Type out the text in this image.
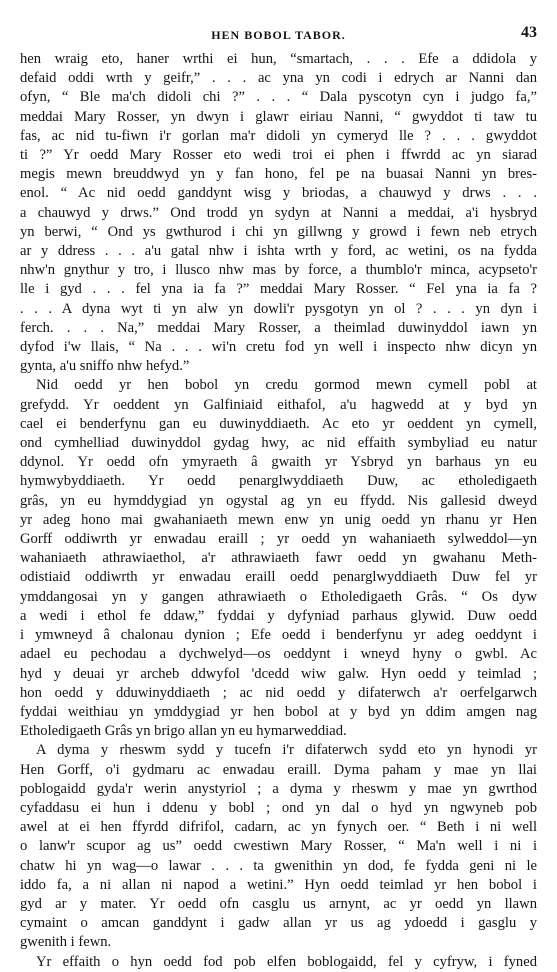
HEN BOBOL TABOR.	43

hen wraig eto, haner wrthi ei hun, “smartach, . . . Efe a ddidola y
defaid oddi wrth y geifr,” . . . ac yna yn codi i edrych ar Nanni dan
ofyn, “ Ble ma'ch didoli chi ?” . . . “ Dala pyscotyn cyn i judgo fa,”
meddai Mary Rosser, yn dwyn i glawr eiriau Nanni, “ gwyddot ti taw tu
fas, ac nid tu-fiwn i'r gorlan ma'r didoli yn cymeryd lle ? . . . gwyddot
ti ?” Yr oedd Mary Rosser eto wedi troi ei phen i ffwrdd ac yn siarad
megis mewn breuddwyd yn y fan hono, fel pe na buasai Nanni yn bres-
enol. “ Ac nid oedd ganddynt wisg y briodas, a chauwyd y drws . . .
a chauwyd y drws.” Ond trodd yn sydyn at Nanni a meddai, a'i hysbryd
yn berwi, “ Ond ys gwthurod i chi yn gillwng y growd i fewn neb etrych
ar y ddress . . . a'u gatal nhw i ishta wrth y ford, ac wetini, os na fydda
nhw'n gnythur y tro, i llusco nhw mas by force, a thumblo'r minca, acypseto'r
lle i gyd . . . fel yna ia fa ?” meddai Mary Rosser. “ Fel yna ia fa ?
. . . A dyna wyt ti yn alw yn dowli'r pysgotyn yn ol ? . . . yn dyn i
ferch. . . . Na,” meddai Mary Rosser, a theimlad duwinyddol iawn yn
dyfod i'w llais, “ Na . . . wi'n cretu fod yn well i inspecto nhw dicyn yn
gynta, a'u sniffo nhw hefyd.”

Nid oedd yr hen bobol yn credu gormod mewn cymell pobl at
grefydd. Yr oeddent yn Galfiniaid eithafol, a'u hagwedd at y byd yn
cael ei benderfynu gan eu duwinyddiaeth. Ac eto yr oeddent yn cymell,
ond cymhelliad duwinyddol gydag hwy, ac nid effaith symbyliad eu natur
ddynol. Yr oedd ofn ymyraeth â gwaith yr Ysbryd yn barhaus yn eu
hymwybyddiaeth. Yr oedd penarglwyddiaeth Duw, ac etholedigaeth
grâs, yn eu hymddygiad yn ogystal ag yn eu ffydd. Nis gallesid dweyd
yr adeg hono mai gwahaniaeth mewn enw yn unig oedd yn rhanu yr Hen
Gorff oddiwrth yr enwadau eraill ; yr oedd yn wahaniaeth sylweddol—yn
wahaniaeth athrawiaethol, a'r athrawiaeth fawr oedd yn gwahanu Meth-
odistiaid oddiwrth yr enwadau eraill oedd penarglwyddiaeth Duw fel yr
ymddangosai yn y gangen athrawiaeth o Etholedigaeth Grâs. “ Os dyw
a wedi i ethol fe ddaw,” fyddai y dyfyniad parhaus glywid. Duw oedd
i ymwneyd â chalonau dynion ; Efe oedd i benderfynu yr adeg oeddynt i
adael eu pechodau a dychwelyd—os oeddynt i wneyd hyny o gwbl. Ac
hyd y deuai yr archeb ddwyfol 'dcedd wiw galw. Hyn oedd y teimlad ;
hon oedd y dduwinyddiaeth ; ac nid oedd y difaterwch a'r oerfelgarwch
fyddai weithiau yn ymddygiad yr hen bobol at y byd yn ddim amgen nag
Etholedigaeth Grâs yn brigo allan yn eu hymarweddiad.

A dyma y rheswm sydd y tucefn i'r difaterwch sydd eto yn hynodi yr
Hen Gorff, o'i gydmaru ac enwadau eraill. Dyma paham y mae yn llai
poblogaidd gyda'r werin anystyriol ; a dyma y rheswm y mae yn gwrthod
cyfaddasu ei hun i ddenu y bobl ; ond yn dal o hyd yn ngwyneb pob
awel at ei hen ffyrdd difrifol, cadarn, ac yn fynych oer. “ Beth i ni well
o lanw'r scupor ag us” oedd cwestiwn Mary Rosser, “ Ma'n well i ni i
chatw hi yn wag—o lawar . . . ta gwenithin yn dod, fe fydda geni ni le
iddo fa, a ni allan ni napod a wetini.” Hyn oedd teimlad yr hen bobol i
gyd ar y mater. Yr oedd ofn casglu us arnynt, ac yr oedd yn llawn
cymaint o amcan ganddynt i gadw allan yr us ag ydoedd i gasglu y
gwenith i fewn.

Yr effaith o hyn oedd fod pob elfen boblogaidd, fel y cyfryw, i fyned
